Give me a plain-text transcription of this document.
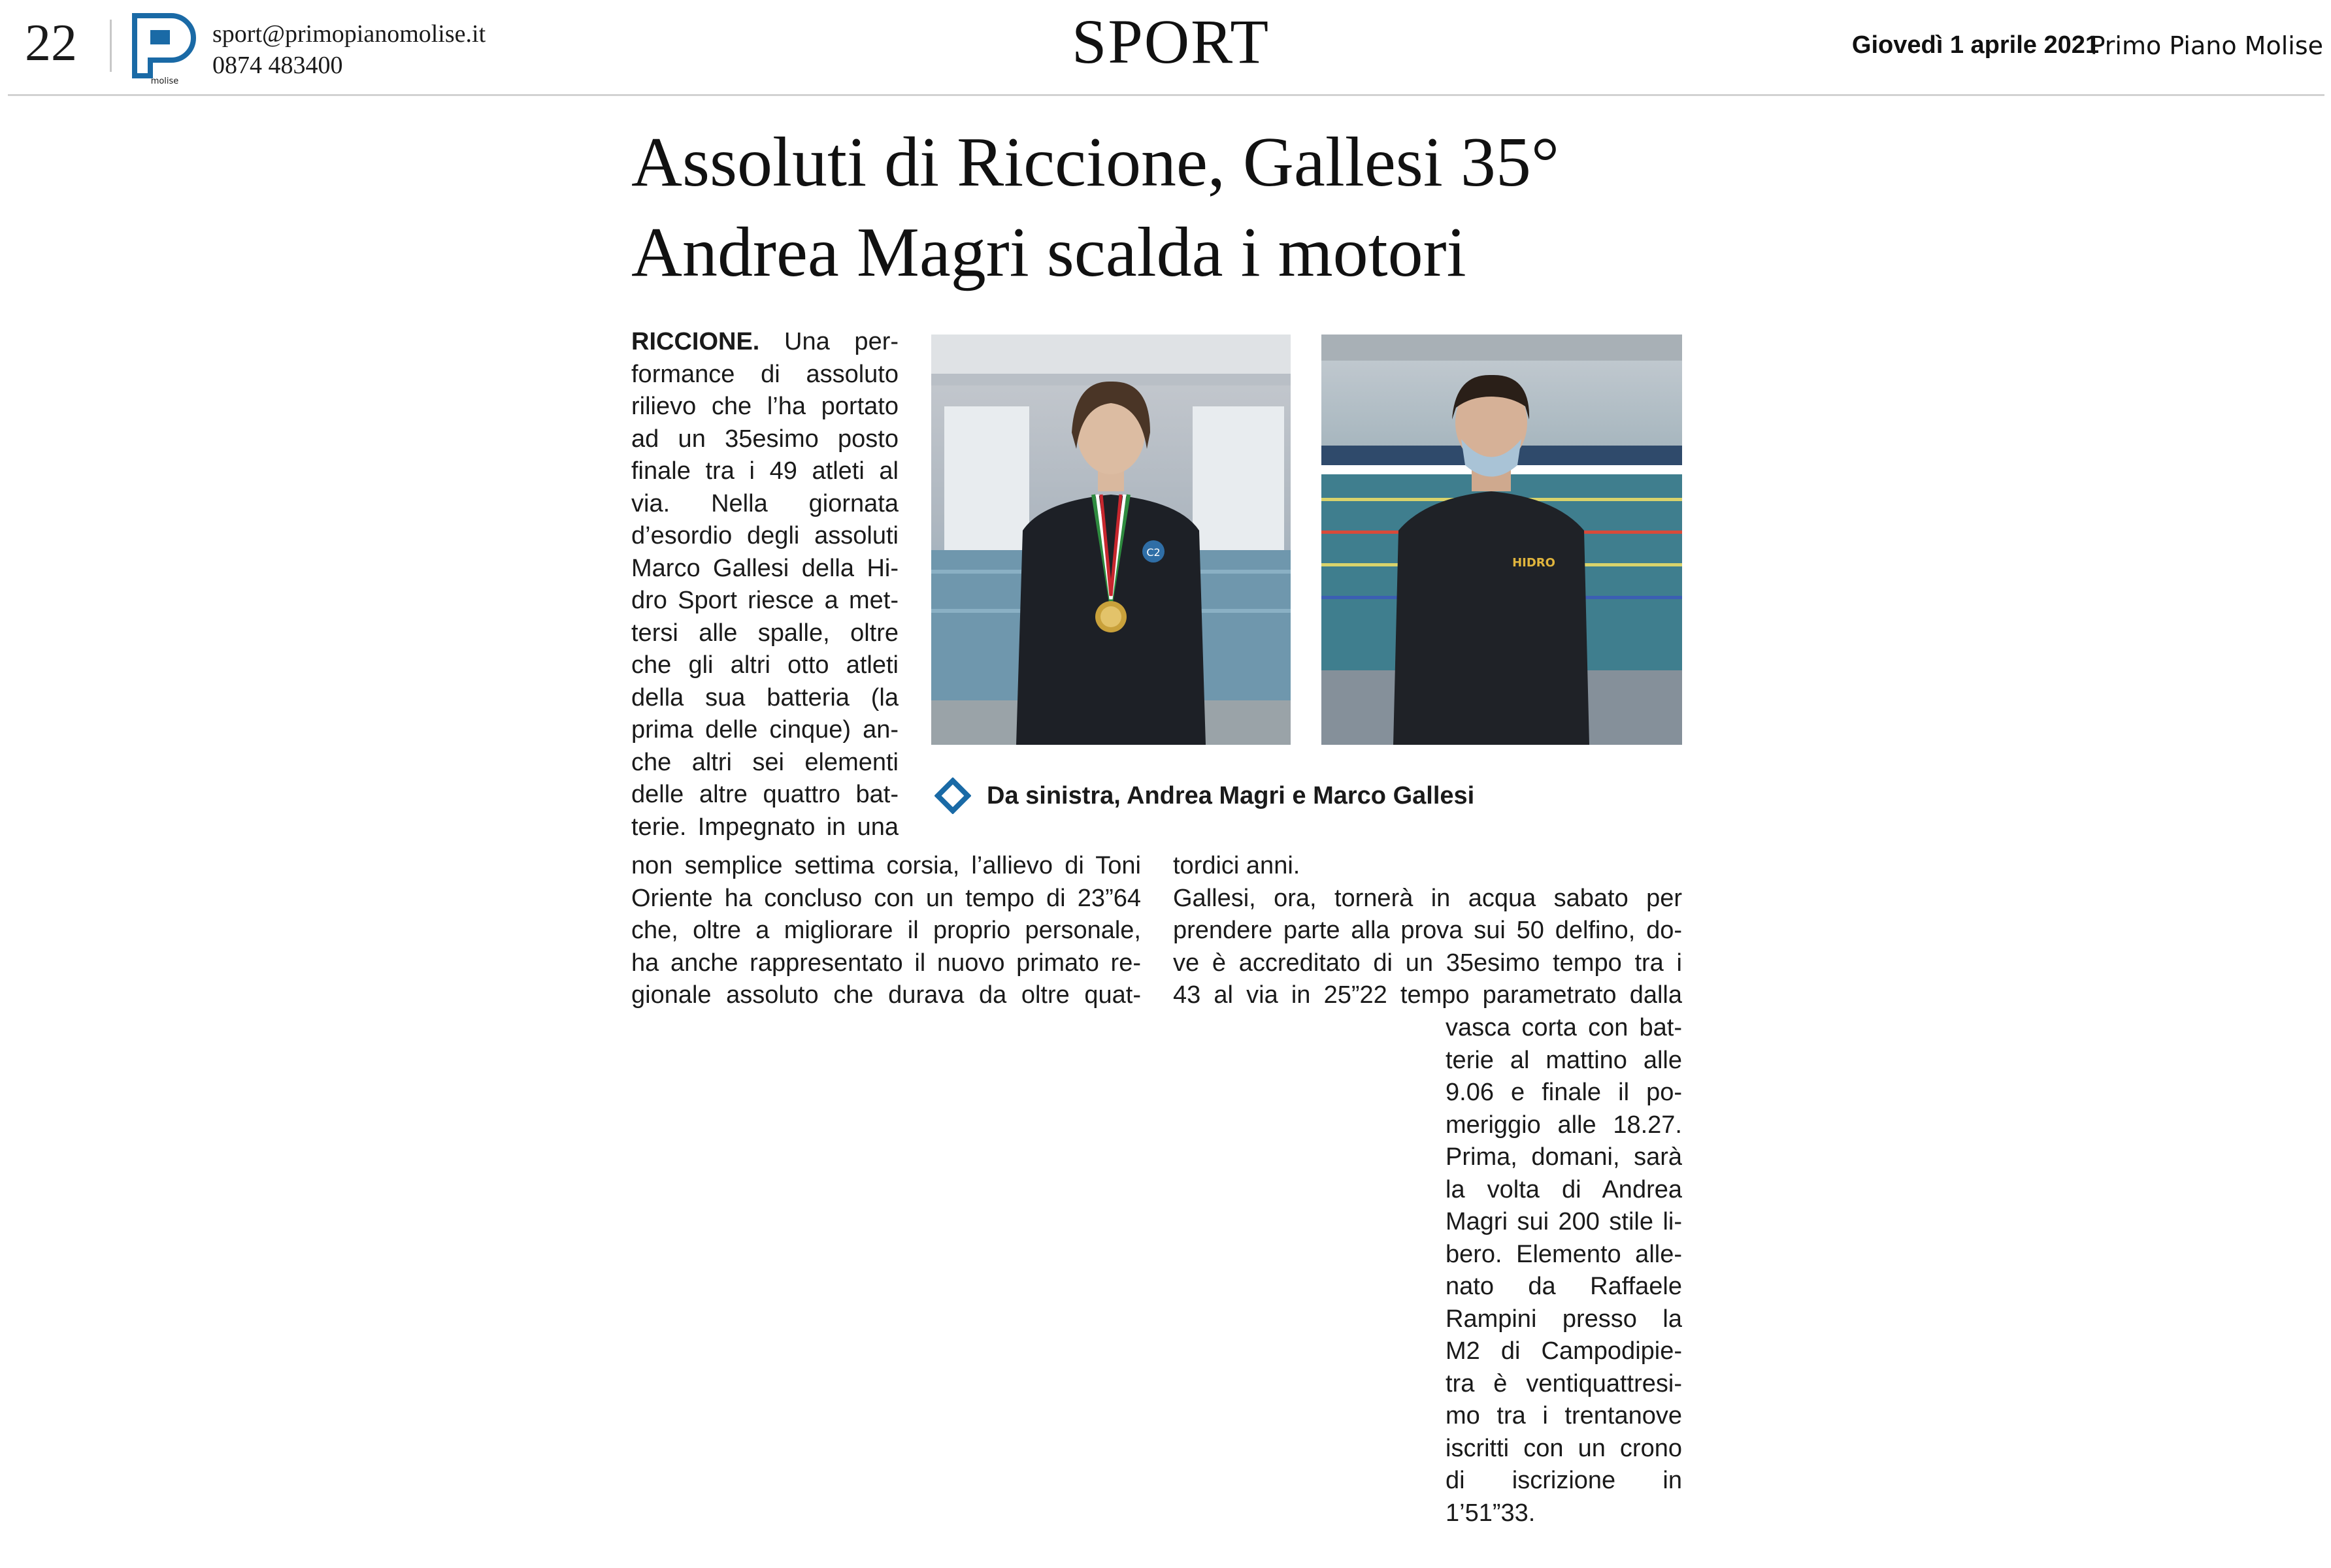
22
molise
sport@primopianomolise.it
0874 483400	SPORT	Giovedì 1 aprile 2021
Primo Piano Molise
Assoluti di Riccione, Gallesi 35°
Andrea Magri scalda i motori

RICCIONE. Una per-

formance di assoluto

rilievo che l’ha portato

ad un 35esimo posto

finale tra i 49 atleti al

via. Nella giornata

d’esordio degli assoluti

Marco Gallesi della Hi-

dro Sport riesce a met-

tersi alle spalle, oltre

che gli altri otto atleti

della sua batteria (la

prima delle cinque) an-

che altri sei elementi

delle altre quattro bat-

terie. Impegnato in una

non semplice settima corsia, l’allievo di Toni

Oriente ha concluso con un tempo di 23”64

che, oltre a migliorare il proprio personale,

ha anche rappresentato il nuovo primato re-

gionale assoluto che durava da oltre quat-

tordici anni.

Gallesi, ora, tornerà in acqua sabato per

prendere parte alla prova sui 50 delfino, do-

ve è accreditato di un 35esimo tempo tra i

43 al via in 25”22 tempo parametrato dalla

vasca corta con bat-

terie al mattino alle

9.06 e finale il po-

meriggio alle 18.27.

Prima, domani, sarà

la volta di Andrea

Magri sui 200 stile li-

bero. Elemento alle-

nato da Raffaele

Rampini presso la

M2 di Campodipie-

tra è ventiquattresi-

mo tra i trentanove

iscritti con un crono

di iscrizione in

1’51”33.

C2
HIDRO
Da sinistra, Andrea Magri e Marco Gallesi
